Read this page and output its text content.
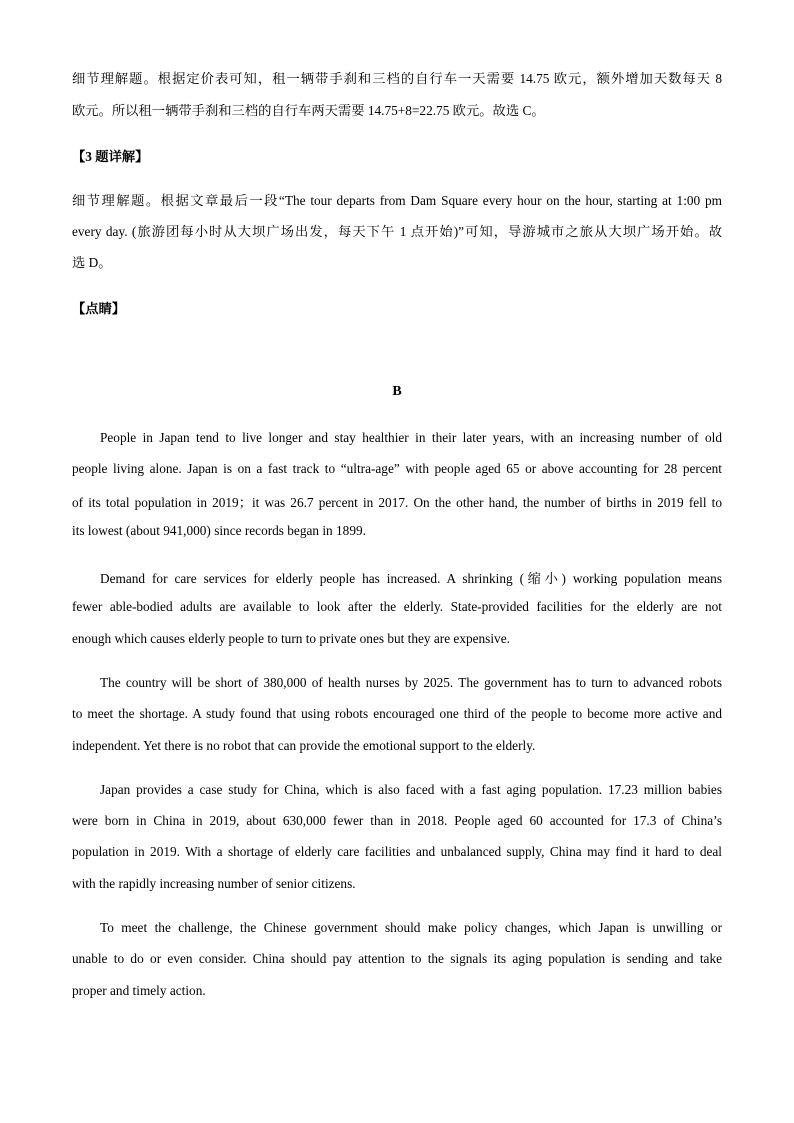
细节理解题。根据定价表可知，租一辆带手刹和三档的自行车一天需要 14.75 欧元，额外增加天数每天 8
欧元。所以租一辆带手刹和三档的自行车两天需要 14.75+8=22.75 欧元。故选 C。
【3 题详解】
细节理解题。根据文章最后一段“The tour departs from Dam Square every hour on the hour, starting at 1:00 pm
every day. (旅游团每小时从大坝广场出发，每天下午 1 点开始)”可知，导游城市之旅从大坝广场开始。故
选 D。
【点睛】
B
People in Japan tend to live longer and stay healthier in their later years, with an increasing number of old
people living alone. Japan is on a fast track to “ultra-age” with people aged 65 or above accounting for 28 percent
of its total population in 2019；it was 26.7 percent in 2017. On the other hand, the number of births in 2019 fell to
its lowest (about 941,000) since records began in 1899.
Demand for care services for elderly people has increased. A shrinking (缩小) working population means
fewer able-bodied adults are available to look after the elderly. State-provided facilities for the elderly are not
enough which causes elderly people to turn to private ones but they are expensive.
The country will be short of 380,000 of health nurses by 2025. The government has to turn to advanced robots
to meet the shortage. A study found that using robots encouraged one third of the people to become more active and
independent. Yet there is no robot that can provide the emotional support to the elderly.
Japan provides a case study for China, which is also faced with a fast aging population. 17.23 million babies
were born in China in 2019, about 630,000 fewer than in 2018. People aged 60 accounted for 17.3 of China’s
population in 2019. With a shortage of elderly care facilities and unbalanced supply, China may find it hard to deal
with the rapidly increasing number of senior citizens.
To meet the challenge, the Chinese government should make policy changes, which Japan is unwilling or
unable to do or even consider. China should pay attention to the signals its aging population is sending and take
proper and timely action.
